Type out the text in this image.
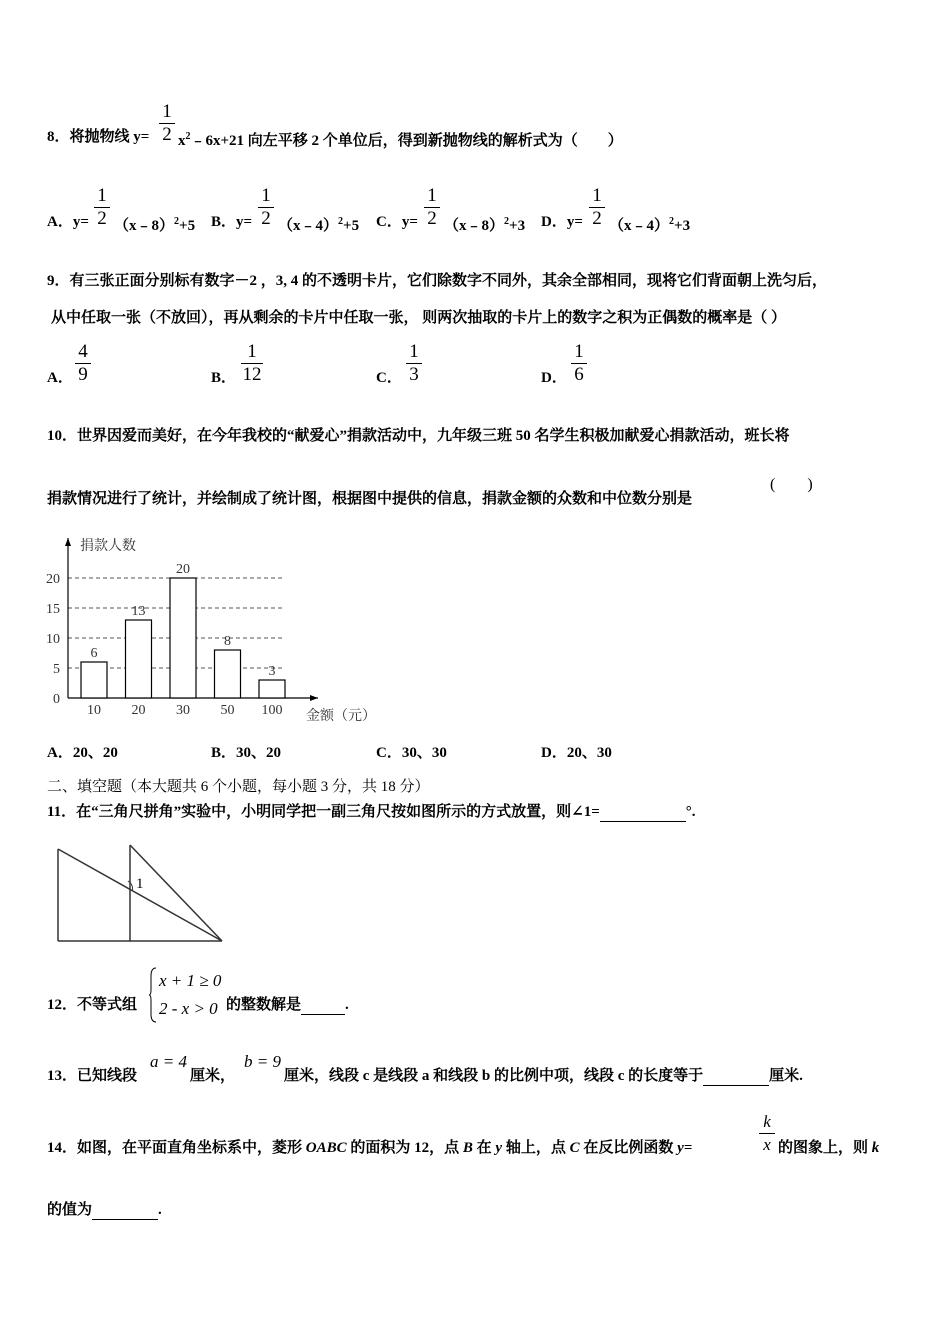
8．将抛物线 y=
1
2 $x^2﹣6x+21$ 向左平移 2 个单位后，得到新抛物线的解析式为（　　）
A．y=
1
2 （x﹣8）$^2$+5 B．y=
1
2 （x﹣4）$^2$+5 C．y=
1
2 （x﹣8）$^2$+3 D．y=
1
2 （x﹣4）$^2$+3
9．有三张正面分别标有数字－2 ，3, 4 的不透明卡片，它们除数字不同外，其余全部相同，现将它们背面朝上洗匀后，
从中任取一张（不放回），再从剩余的卡片中任取一张， 则两次抽取的卡片上的数字之积为正偶数的概率是（ ）
A．
4
9	B．
1
12	C．
1
3	D．
1
6
10．世界因爱而美好，在今年我校的“献爱心”捐款活动中，九年级三班 50 名学生积极加献爱心捐款活动，班长将
捐款情况进行了统计，并绘制成了统计图，根据图中提供的信息，捐款金额的众数和中位数分别是
(        )
0
5
10
15
20
捐款人数
6
10
13
20
20
30
8
50
3
100 金额（元）
A．20、20	B．30、20	C．30、30	D．20、30
二、填空题（本大题共 6 个小题，每小题 3 分，共 18 分）
11．在“三角尺拼角”实验中，小明同学把一副三角尺按如图所示的方式放置，则∠1=	°.
1
12．不等式组
x + 1 ≥ 0
2 - x > 0 的整数解是	.
13．已知线段
a = 4
厘米，
b = 9
厘米，线段 c 是线段 a 和线段 b 的比例中项，线段 c 的长度等于	厘米.
14．如图，在平面直角坐标系中，菱形 OABC 的面积为 12，点 B 在 y 轴上，点 C 在反比例函数 y=
k
x 的图象上，则 k
的值为	.
